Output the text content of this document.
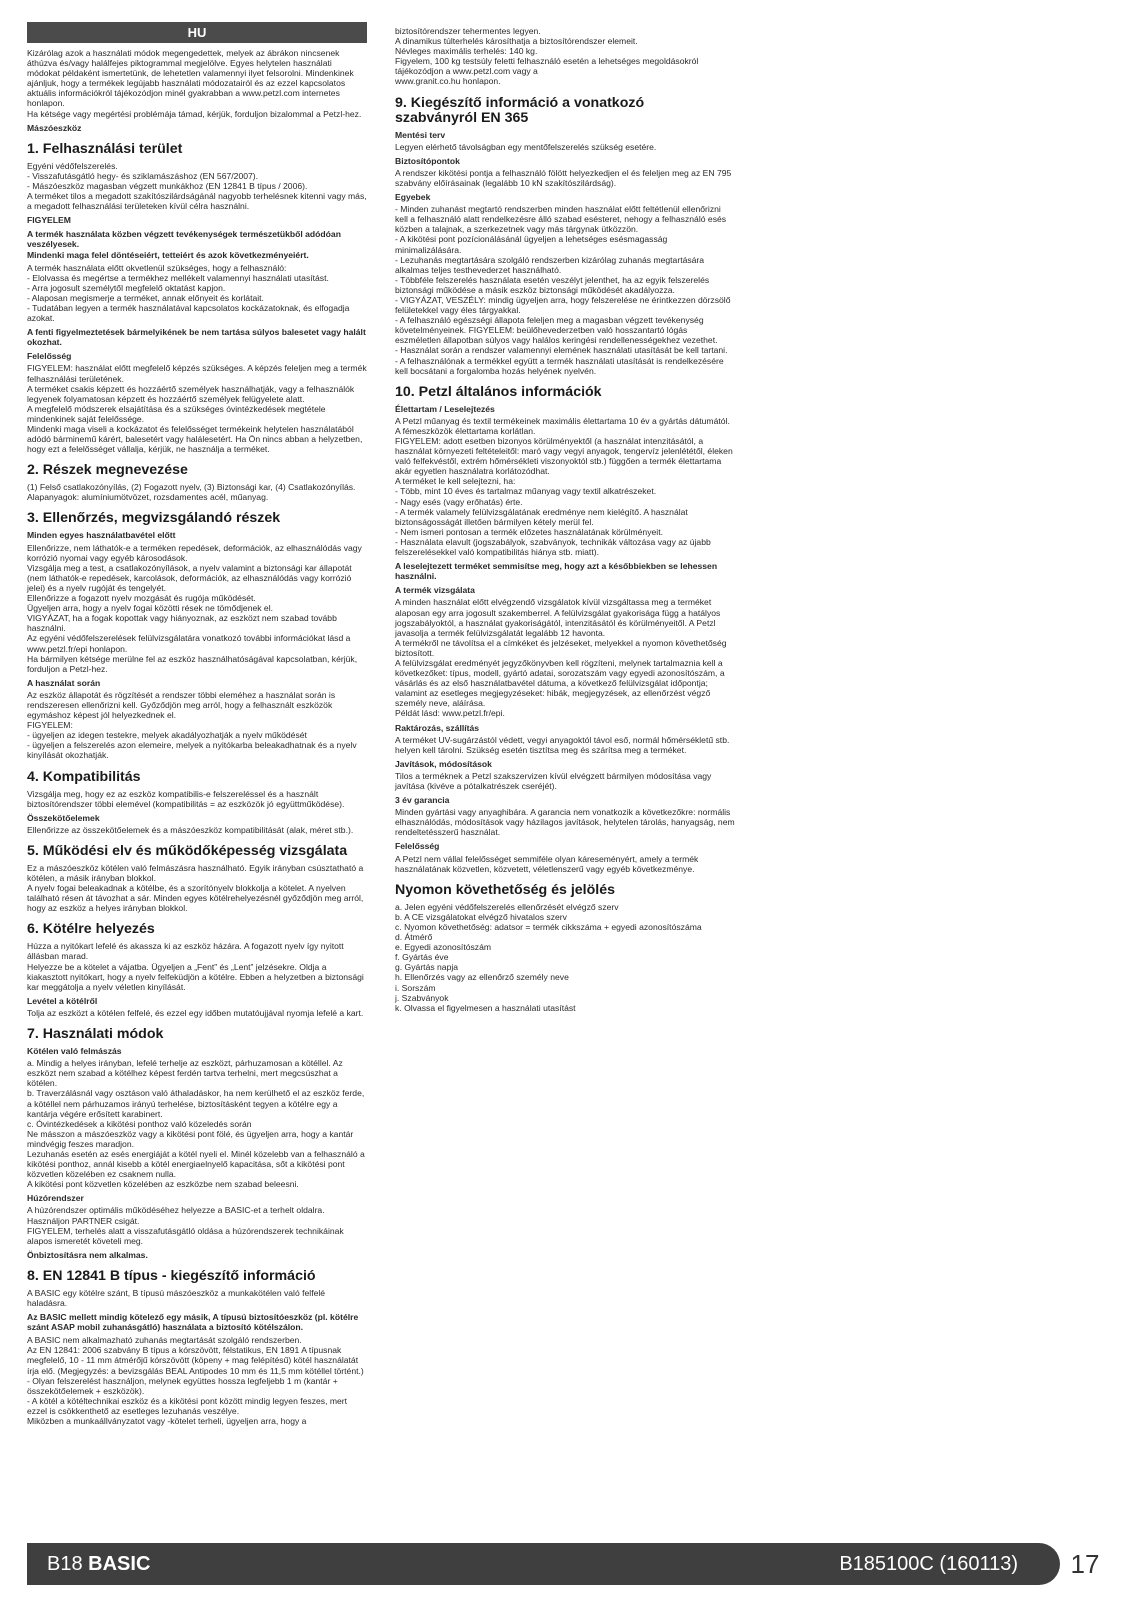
HU
Kizárólag azok a használati módok megengedettek, melyek az ábrákon nincsenek áthúzva és/vagy halálfejes piktogrammal megjelölve. Egyes helytelen használati módokat példaként ismertetünk, de lehetetlen valamennyi ilyet felsorolni. Mindenkinek ajánljuk, hogy a termékek legújabb használati módozatairól és az ezzel kapcsolatos aktuális információkról tájékozódjon minél gyakrabban a www.petzl.com internetes honlapon.
Ha kétsége vagy megértési problémája támad, kérjük, forduljon bizalommal a Petzl-hez.
Mászóeszköz
1. Felhasználási terület
Egyéni védőfelszerelés.
- Visszafutásgátló hegy- és sziklamászáshoz (EN 567/2007).
- Mászóeszköz magasban végzett munkákhoz (EN 12841 B típus / 2006).
A terméket tilos a megadott szakítószilárdságánál nagyobb terhelésnek kitenni vagy más, a megadott felhasználási területeken kívül célra használni.
FIGYELEM
A termék használata közben végzett tevékenységek természetükből adódóan veszélyesek.
Mindenki maga felel döntéseiért, tetteiért és azok következményeiért.
A termék használata előtt okvetlenül szükséges, hogy a felhasználó:
- Elolvassa és megértse a termékhez mellékelt valamennyi használati utasítást.
- Arra jogosult személytől megfelelő oktatást kapjon.
- Alaposan megismerje a terméket, annak előnyeit és korlátait.
- Tudatában legyen a termék használatával kapcsolatos kockázatoknak, és elfogadja azokat.
A fenti figyelmeztetések bármelyikének be nem tartása súlyos balesetet vagy halált okozhat.
Felelősség
FIGYELEM: használat előtt megfelelő képzés szükséges. A képzés feleljen meg a termék felhasználási területének.
A terméket csakis képzett és hozzáértő személyek használhatják, vagy a felhasználók legyenek folyamatosan képzett és hozzáértő személyek felügyelete alatt.
A megfelelő módszerek elsajátítása és a szükséges óvintézkedések megtétele mindenkinek saját felelőssége.
Mindenki maga viseli a kockázatot és felelősséget termékeink helytelen használatából adódó bárminemű kárért, balesetért vagy halálesetért. Ha Ön nincs abban a helyzetben, hogy ezt a felelősséget vállalja, kérjük, ne használja a terméket.
2. Részek megnevezése
(1) Felső csatlakozónyílás, (2) Fogazott nyelv, (3) Biztonsági kar, (4) Csatlakozónyílás.
Alapanyagok: alumíniumötvözet, rozsdamentes acél, műanyag.
3. Ellenőrzés, megvizsgálandó részek
Minden egyes használatbavétel előtt
Ellenőrizze, nem láthatók-e a terméken repedések, deformációk, az elhasználódás vagy korrózió nyomai vagy egyéb károsodások.
Vizsgálja meg a test, a csatlakozónyílások, a nyelv valamint a biztonsági kar állapotát (nem láthatók-e repedések, karcolások, deformációk, az elhasználódás vagy korrózió jelei) és a nyelv rugóját és tengelyét.
Ellenőrizze a fogazott nyelv mozgását és rugója működését.
Ügyeljen arra, hogy a nyelv fogai közötti rések ne tömődjenek el.
VIGYÁZAT, ha a fogak kopottak vagy hiányoznak, az eszközt nem szabad tovább használni.
Az egyéni védőfelszerelések felülvizsgálatára vonatkozó további információkat lásd a www.petzl.fr/epi honlapon.
Ha bármilyen kétsége merülne fel az eszköz használhatóságával kapcsolatban, kérjük, forduljon a Petzl-hez.
A használat során
Az eszköz állapotát és rögzítését a rendszer többi eleméhez a használat során is rendszeresen ellenőrizni kell. Győződjön meg arról, hogy a felhasznált eszközök egymáshoz képest jól helyezkednek el.
FIGYELEM:
- ügyeljen az idegen testekre, melyek akadályozhatják a nyelv működését
- ügyeljen a felszerelés azon elemeire, melyek a nyitókarba beleakadhatnak és a nyelv kinyílását okozhatják.
4. Kompatibilitás
Vizsgálja meg, hogy ez az eszköz kompatibilis-e felszereléssel és a használt biztosítórendszer többi elemével (kompatibilitás = az eszközök jó együttműködése).
Összekötőelemek
Ellenőrizze az összekötőelemek és a mászóeszköz kompatibilitását (alak, méret stb.).
5. Működési elv és működőképesség vizsgálata
Ez a mászóeszköz kötélen való felmászásra használható. Egyik irányban csúsztatható a kötélen, a másik irányban blokkol.
A nyelv fogai beleakadnak a kötélbe, és a szorítónyelv blokkolja a kötelet. A nyelven található résen át távozhat a sár. Minden egyes kötélrehelyezésnél győződjön meg arról, hogy az eszköz a helyes irányban blokkol.
6. Kötélre helyezés
Húzza a nyitókart lefelé és akassza ki az eszköz házára. A fogazott nyelv így nyitott állásban marad.
Helyezze be a kötelet a vájatba. Ügyeljen a „Fent” és „Lent” jelzésekre. Oldja a kiakasztott nyitókart, hogy a nyelv felfeküdjön a kötélre. Ebben a helyzetben a biztonsági kar meggátolja a nyelv véletlen kinyílását.
Levétel a kötélről
Tolja az eszközt a kötélen felfelé, és ezzel egy időben mutatóujjával nyomja lefelé a kart.
7. Használati módok
Kötélen való felmászás
a. Mindig a helyes irányban, lefelé terhelje az eszközt, párhuzamosan a kötéllel. Az eszközt nem szabad a kötélhez képest ferdén tartva terhelni, mert megcsúszhat a kötélen.
b. Traverzálásnál vagy osztáson való áthaladáskor, ha nem kerülhető el az eszköz ferde, a kötéllel nem párhuzamos irányú terhelése, biztosításként tegyen a kötélre egy a kantárja végére erősített karabinert.
c. Óvintézkedések a kikötési ponthoz való közeledés során
Ne másszon a mászóeszköz vagy a kikötési pont fölé, és ügyeljen arra, hogy a kantár mindvégig feszes maradjon.
Lezuhanás esetén az esés energiáját a kötél nyeli el. Minél közelebb van a felhasználó a kikötési ponthoz, annál kisebb a kötél energiaelnyelő kapacitása, sőt a kikötési pont közvetlen közelében ez csaknem nulla.
A kikötési pont közvetlen közelében az eszközbe nem szabad beleesni.
Húzórendszer
A húzórendszer optimális működéséhez helyezze a BASIC-et a terhelt oldalra. Használjon PARTNER csigát.
FIGYELEM, terhelés alatt a visszafutásgátló oldása a húzórendszerek technikáinak alapos ismeretét követeli meg.
Önbiztosításra nem alkalmas.
8. EN 12841 B típus - kiegészítő információ
A BASIC egy kötélre szánt, B típusú mászóeszköz a munkakötélen való felfelé haladásra.
Az BASIC mellett mindig kötelező egy másik, A típusú biztosítóeszköz (pl. kötélre szánt ASAP mobil zuhanásgátló) használata a biztosító kötélszálon.
A BASIC nem alkalmazható zuhanás megtartását szolgáló rendszerben.
Az EN 12841: 2006 szabvány B típus a kórszövött, félstatikus, EN 1891 A típusnak megfelelő, 10 - 11 mm átmérőjű kórszövött (köpeny + mag felépítésű) kötél használatát írja elő. (Megjegyzés: a bevizsgálás BEAL Antipodes 10 mm és 11,5 mm kötéllel történt.)
- Olyan felszerelést használjon, melynek együttes hossza legfeljebb 1 m (kantár + összekötőelemek + eszközök).
- A kötél a kötéltechnikai eszköz és a kikötési pont között mindig legyen feszes, mert ezzel is csökkenthető az esetleges lezuhanás veszélye.
Miközben a munkaállványzatot vagy -kötelet terheli, ügyeljen arra, hogy a
biztosítórendszer tehermentes legyen.
A dinamikus túlterhelés károsíthatja a biztosítórendszer elemeit.
Névleges maximális terhelés: 140 kg.
Figyelem, 100 kg testsúly feletti felhasználó esetén a lehetséges megoldásokról tájékozódjon a www.petzl.com vagy a
www.granit.co.hu honlapon.
9. Kiegészítő információ a vonatkozó
szabványról EN 365
Mentési terv
Legyen elérhető távolságban egy mentőfelszerelés szükség esetére.
Biztosítópontok
A rendszer kikötési pontja a felhasználó fölött helyezkedjen el és feleljen meg az EN 795 szabvány előírásainak (legalább 10 kN szakítószilárdság).
Egyebek
- Minden zuhanást megtartó rendszerben minden használat előtt feltétlenül ellenőrizni kell a felhasználó alatt rendelkezésre álló szabad esésteret, nehogy a felhasználó esés közben a talajnak, a szerkezetnek vagy más tárgynak ütközzön.
- A kikötési pont pozícionálásánál ügyeljen a lehetséges esésmagasság minimalizálására.
- Lezuhanás megtartására szolgáló rendszerben kizárólag zuhanás megtartására alkalmas teljes testhevederzet használható.
- Többféle felszerelés használata esetén veszélyt jelenthet, ha az egyik felszerelés biztonsági működése a másik eszköz biztonsági működését akadályozza.
- VIGYÁZAT, VESZÉLY: mindig ügyeljen arra, hogy felszerelése ne érintkezzen dörzsölő felületekkel vagy éles tárgyakkal.
- A felhasználó egészségi állapota feleljen meg a magasban végzett tevékenység követelményeinek. FIGYELEM: beülőhevederzetben való hosszantartó lógás eszméletlen állapotban súlyos vagy halálos keringési rendellenességekhez vezethet.
- Használat során a rendszer valamennyi elemének használati utasítását be kell tartani.
- A felhasználónak a termékkel együtt a termék használati utasítását is rendelkezésére kell bocsátani a forgalomba hozás helyének nyelvén.
10. Petzl általános információk
Élettartam / Leselejtezés
A Petzl műanyag és textil termékeinek maximális élettartama 10 év a gyártás dátumától. A fémeszközök élettartama korlátlan.
FIGYELEM: adott esetben bizonyos körülményektől (a használat intenzitásától, a használat környezeti feltételeitől: maró vagy vegyi anyagok, tengervíz jelenlététől, éleken való felfekvéstől, extrém hőmérsékleti viszonyoktól stb.) függően a termék élettartama akár egyetlen használatra korlátozódhat.
A terméket le kell selejtezni, ha:
- Több, mint 10 éves és tartalmaz műanyag vagy textil alkatrészeket.
- Nagy esés (vagy erőhatás) érte.
- A termék valamely felülvizsgálatának eredménye nem kielégítő. A használat biztonságosságát illetően bármilyen kétely merül fel.
- Nem ismeri pontosan a termék előzetes használatának körülményeit.
- Használata elavult (jogszabályok, szabványok, technikák változása vagy az újabb felszerelésekkel való kompatibilitás hiánya stb. miatt).
A leselejtezett terméket semmisítse meg, hogy azt a későbbiekben se lehessen használni.
A termék vizsgálata
A minden használat előtt elvégzendő vizsgálatok kívül vizsgáltassa meg a terméket alaposan egy arra jogosult szakemberrel. A felülvizsgálat gyakorisága függ a hatályos jogszabályoktól, a használat gyakoriságától, intenzitásától és körülményeitől. A Petzl javasolja a termék felülvizsgálatát legalább 12 havonta.
A termékről ne távolítsa el a címkéket és jelzéseket, melyekkel a nyomon követhetőség biztosított.
A felülvizsgálat eredményét jegyzőkönyvben kell rögzíteni, melynek tartalmaznia kell a következőket: típus, modell, gyártó adatai, sorozatszám vagy egyedi azonosítószám, a vásárlás és az első használatbavétel dátuma, a következő felülvizsgálat időpontja; valamint az esetleges megjegyzéseket: hibák, megjegyzések, az ellenőrzést végző személy neve, aláírása.
Példát lásd: www.petzl.fr/epi.
Raktározás, szállítás
A terméket UV-sugárzástól védett, vegyi anyagoktól távol eső, normál hőmérsékletű stb. helyen kell tárolni. Szükség esetén tisztítsa meg és szárítsa meg a terméket.
Javítások, módosítások
Tilos a terméknek a Petzl szakszervizen kívül elvégzett bármilyen módosítása vagy javítása (kivéve a pótalkatrészek cseréjét).
3 év garancia
Minden gyártási vagy anyaghibára. A garancia nem vonatkozik a következőkre: normális elhasználódás, módosítások vagy házilagos javítások, helytelen tárolás, hanyagság, nem rendeltetésszerű használat.
Felelősség
A Petzl nem vállal felelősséget semmiféle olyan káreseményért, amely a termék használatának közvetlen, közvetett, véletlenszerű vagy egyéb következménye.
Nyomon követhetőség és jelölés
a. Jelen egyéni védőfelszerelés ellenőrzését elvégző szerv
b. A CE vizsgálatokat elvégző hivatalos szerv
c. Nyomon követhetőség: adatsor = termék cikkszáma + egyedi azonosítószáma
d. Átmérő
e. Egyedi azonosítószám
f. Gyártás éve
g. Gyártás napja
h. Ellenőrzés vagy az ellenőrző személy neve
i. Sorszám
j. Szabványok
k. Olvassa el figyelmesen a használati utasítást
B18 BASIC	B185100C (160113)	17
